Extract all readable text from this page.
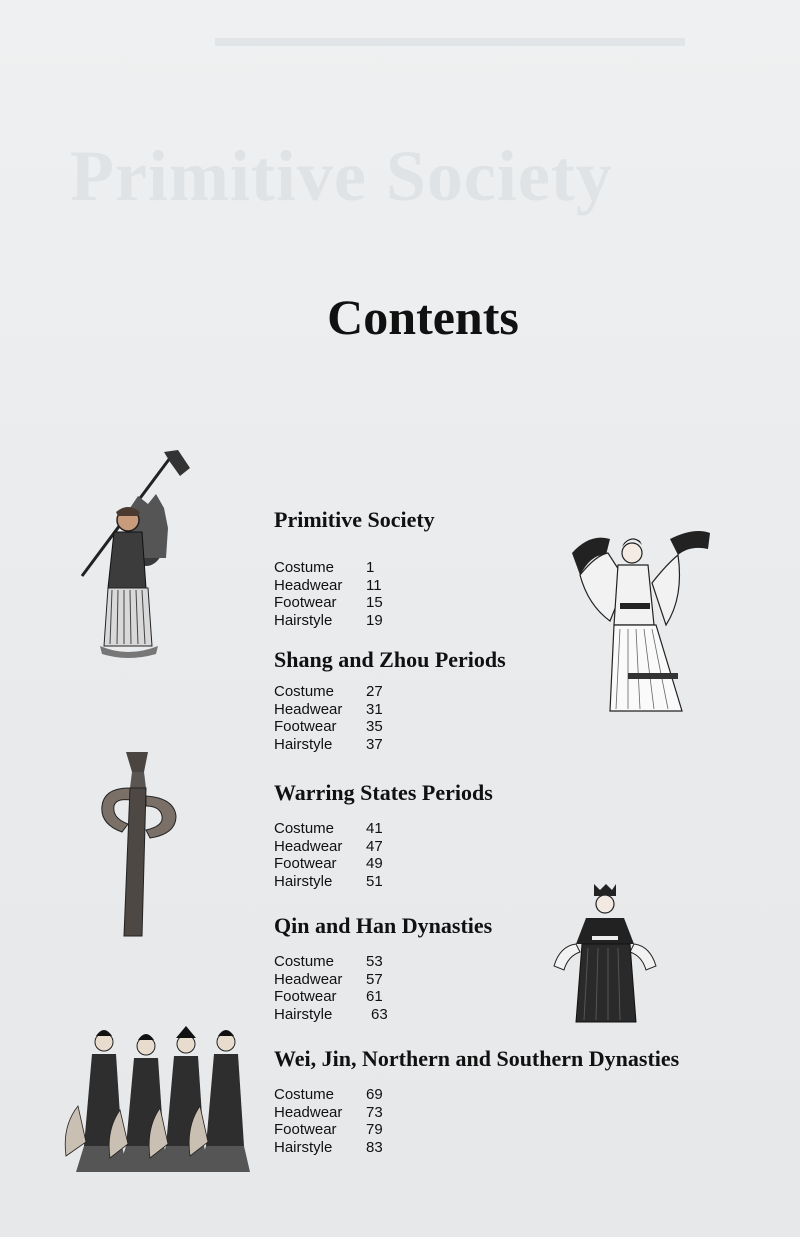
Primitive Society
Contents
Primitive Society
Costume 1
Headwear 11
Footwear 15
Hairstyle 19
Shang and Zhou Periods
Costume 27
Headwear 31
Footwear 35
Hairstyle 37
Warring States Periods
Costume 41
Headwear 47
Footwear 49
Hairstyle 51
Qin and Han Dynasties
Costume 53
Headwear 57
Footwear 61
Hairstyle	63
Wei, Jin, Northern and Southern Dynasties
Costume 69
Headwear 73
Footwear 79
Hairstyle 83
